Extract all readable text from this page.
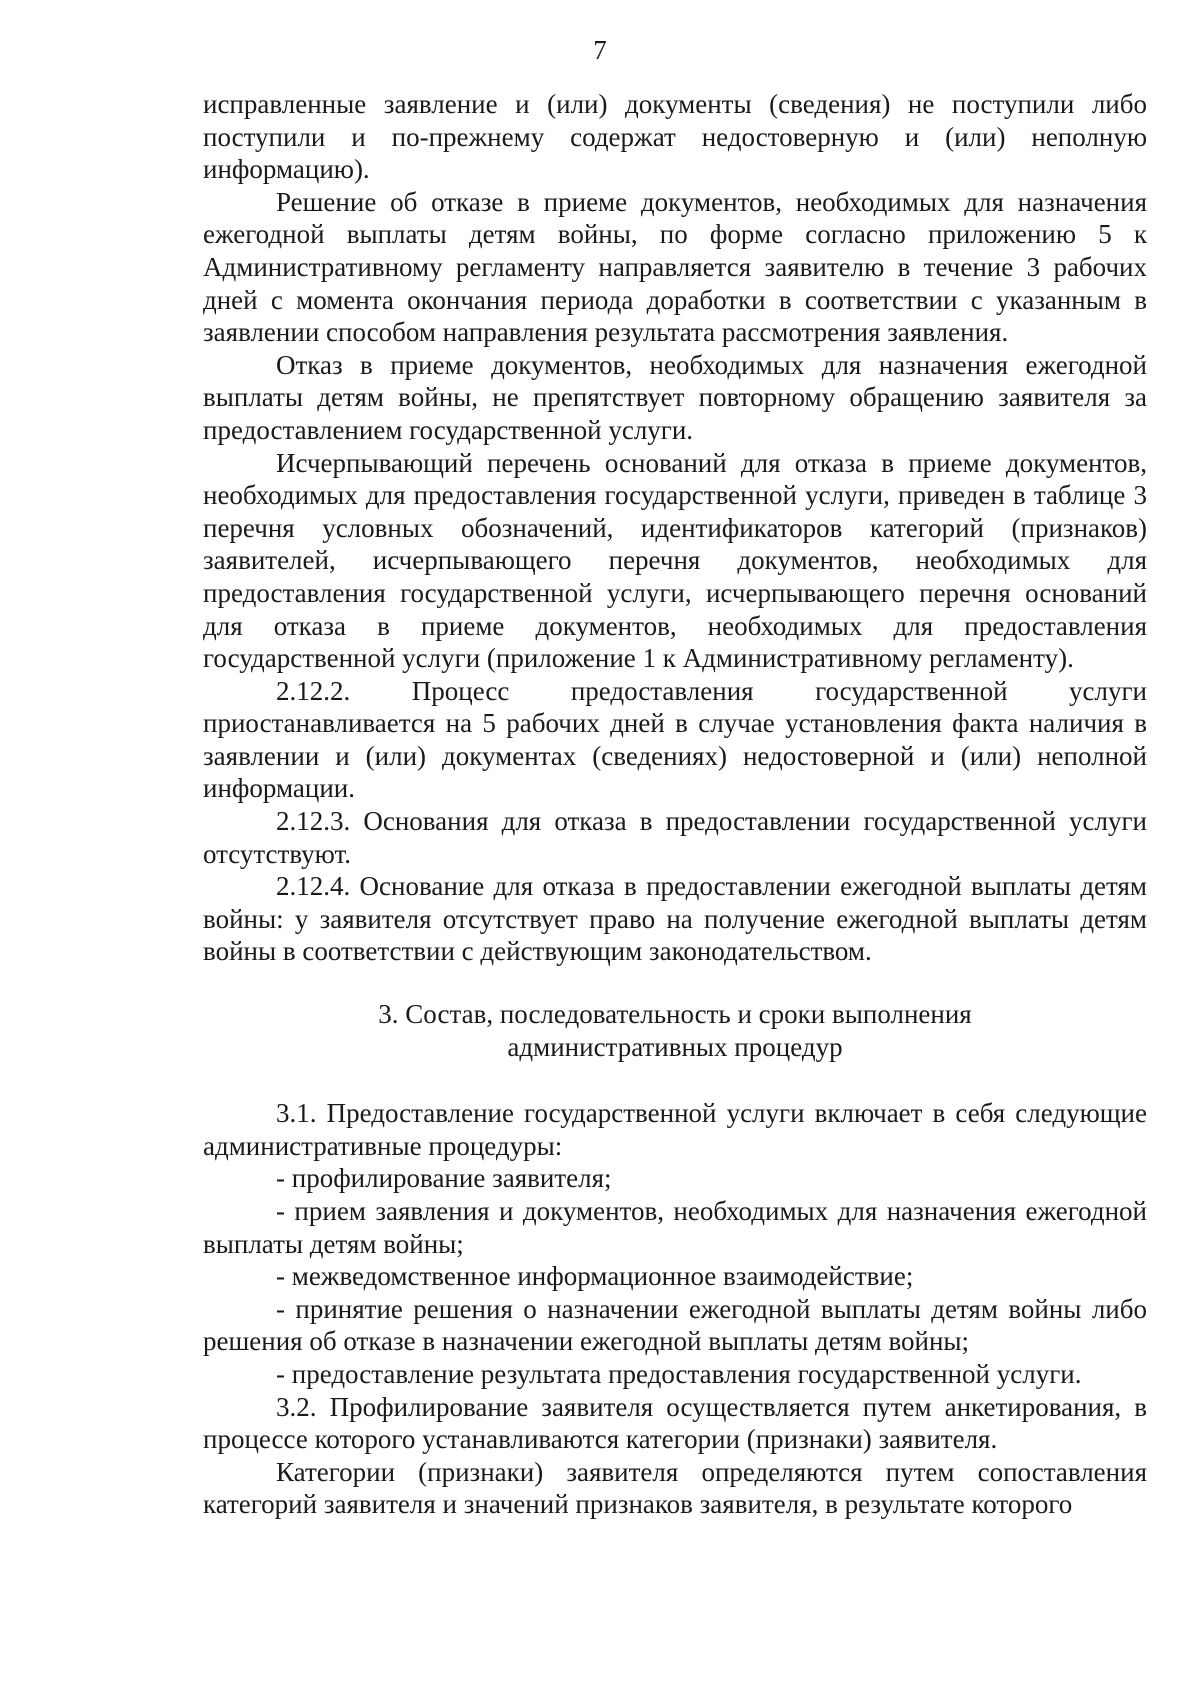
7

исправленные заявление и (или) документы (сведения) не поступили либо поступили и по-прежнему содержат недостоверную и (или) неполную информацию).

Решение об отказе в приеме документов, необходимых для назначения ежегодной выплаты детям войны, по форме согласно приложению 5 к Административному регламенту направляется заявителю в течение 3 рабочих дней с момента окончания периода доработки в соответствии с указанным в заявлении способом направления результата рассмотрения заявления.

Отказ в приеме документов, необходимых для назначения ежегодной выплаты детям войны, не препятствует повторному обращению заявителя за предоставлением государственной услуги.

Исчерпывающий перечень оснований для отказа в приеме документов, необходимых для предоставления государственной услуги, приведен в таблице 3 перечня условных обозначений, идентификаторов категорий (признаков) заявителей, исчерпывающего перечня документов, необходимых для предоставления государственной услуги, исчерпывающего перечня оснований для отказа в приеме документов, необходимых для предоставления государственной услуги (приложение 1 к Административному регламенту).

2.12.2. Процесс предоставления государственной услуги приостанавливается на 5 рабочих дней в случае установления факта наличия в заявлении и (или) документах (сведениях) недостоверной и (или) неполной информации.

2.12.3. Основания для отказа в предоставлении государственной услуги отсутствуют.

2.12.4. Основание для отказа в предоставлении ежегодной выплаты детям войны: у заявителя отсутствует право на получение ежегодной выплаты детям войны в соответствии с действующим законодательством.

3. Состав, последовательность и сроки выполнения

административных процедур

3.1. Предоставление государственной услуги включает в себя следующие административные процедуры:

- профилирование заявителя;

- прием заявления и документов, необходимых для назначения ежегодной выплаты детям войны;

- межведомственное информационное взаимодействие;

- принятие решения о назначении ежегодной выплаты детям войны либо решения об отказе в назначении ежегодной выплаты детям войны;

- предоставление результата предоставления государственной услуги.

3.2. Профилирование заявителя осуществляется путем анкетирования, в процессе которого устанавливаются категории (признаки) заявителя.

Категории (признаки) заявителя определяются путем сопоставления категорий заявителя и значений признаков заявителя, в результате которого
